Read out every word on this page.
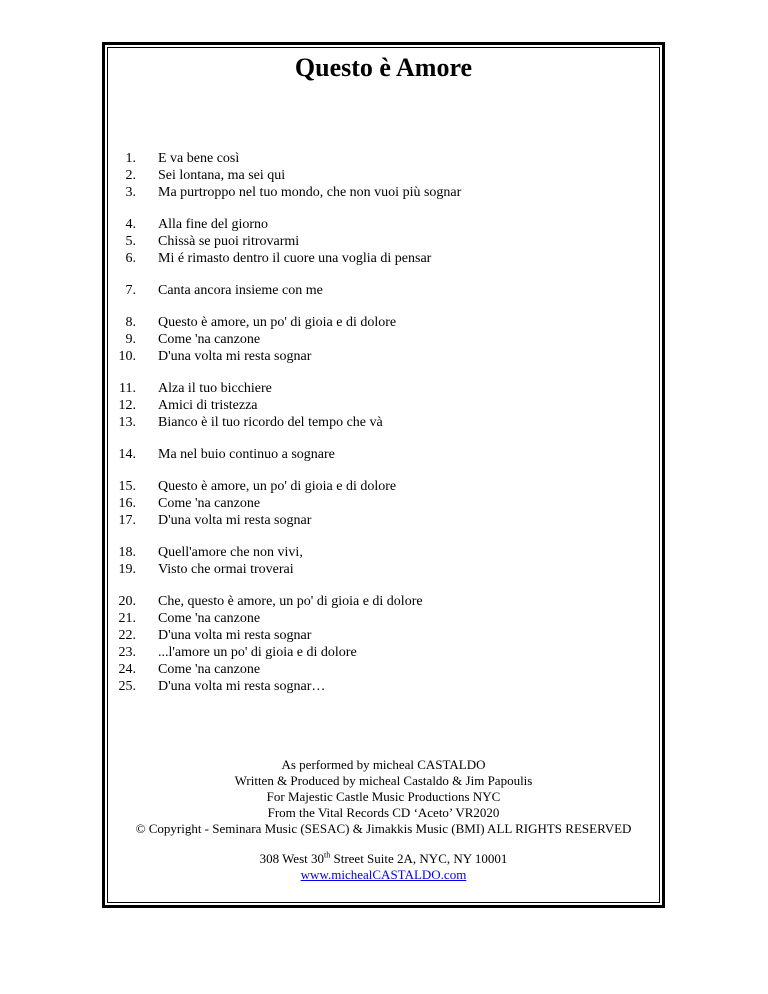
Questo è Amore
1. E va bene così
2. Sei lontana, ma sei qui
3. Ma purtroppo nel tuo mondo, che non vuoi più sognar
4. Alla fine del giorno
5. Chissà se puoi ritrovarmi
6. Mi é rimasto dentro il cuore una voglia di pensar
7. Canta ancora insieme con me
8. Questo è amore, un po' di gioia e di dolore
9. Come 'na canzone
10. D'una volta mi resta sognar
11. Alza il tuo bicchiere
12. Amici di tristezza
13. Bianco è il tuo ricordo del tempo che và
14. Ma nel buio continuo a sognare
15. Questo è amore, un po' di gioia e di dolore
16. Come 'na canzone
17. D'una volta mi resta sognar
18. Quell'amore che non vivi,
19. Visto che ormai troverai
20. Che, questo è amore, un po' di gioia e di dolore
21. Come 'na canzone
22. D'una volta mi resta sognar
23. ...l'amore un po' di gioia e di dolore
24. Come 'na canzone
25. D'una volta mi resta sognar…
As performed by micheal CASTALDO
Written & Produced by micheal Castaldo & Jim Papoulis
For Majestic Castle Music Productions NYC
From the Vital Records CD ‘Aceto’ VR2020
© Copyright - Seminara Music (SESAC) & Jimakkis Music (BMI) ALL RIGHTS RESERVED
308 West 30th Street Suite 2A, NYC, NY 10001
www.michealCASTALDO.com
